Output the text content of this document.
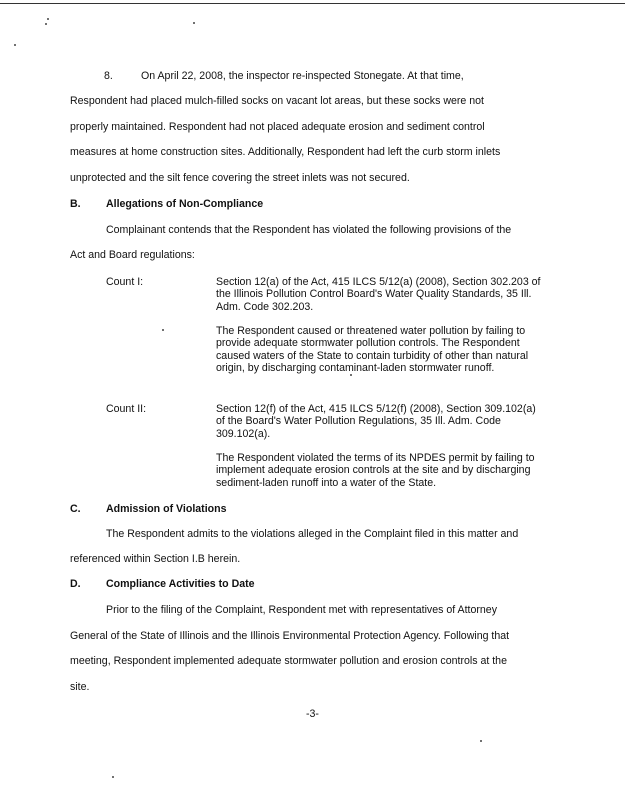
8.	On April 22, 2008, the inspector re-inspected Stonegate. At that time,
Respondent had placed mulch-filled socks on vacant lot areas, but these socks were not
properly maintained. Respondent had not placed adequate erosion and sediment control
measures at home construction sites. Additionally, Respondent had left the curb storm inlets
unprotected and the silt fence covering the street inlets was not secured.
B. Allegations of Non-Compliance
Complainant contends that the Respondent has violated the following provisions of the
Act and Board regulations:
Count I:	Section 12(a) of the Act, 415 ILCS 5/12(a) (2008), Section 302.203 of the Illinois Pollution Control Board's Water Quality Standards, 35 Ill. Adm. Code 302.203.

The Respondent caused or threatened water pollution by failing to provide adequate stormwater pollution controls. The Respondent caused waters of the State to contain turbidity of other than natural origin, by discharging contaminant-laden stormwater runoff.

Count II:	Section 12(f) of the Act, 415 ILCS 5/12(f) (2008), Section 309.102(a) of the Board's Water Pollution Regulations, 35 Ill. Adm. Code 309.102(a).

The Respondent violated the terms of its NPDES permit by failing to implement adequate erosion controls at the site and by discharging sediment-laden runoff into a water of the State.

C. Admission of Violations
The Respondent admits to the violations alleged in the Complaint filed in this matter and
referenced within Section I.B herein.
D. Compliance Activities to Date
Prior to the filing of the Complaint, Respondent met with representatives of Attorney
General of the State of Illinois and the Illinois Environmental Protection Agency. Following that
meeting, Respondent implemented adequate stormwater pollution and erosion controls at the
site.
-3-
